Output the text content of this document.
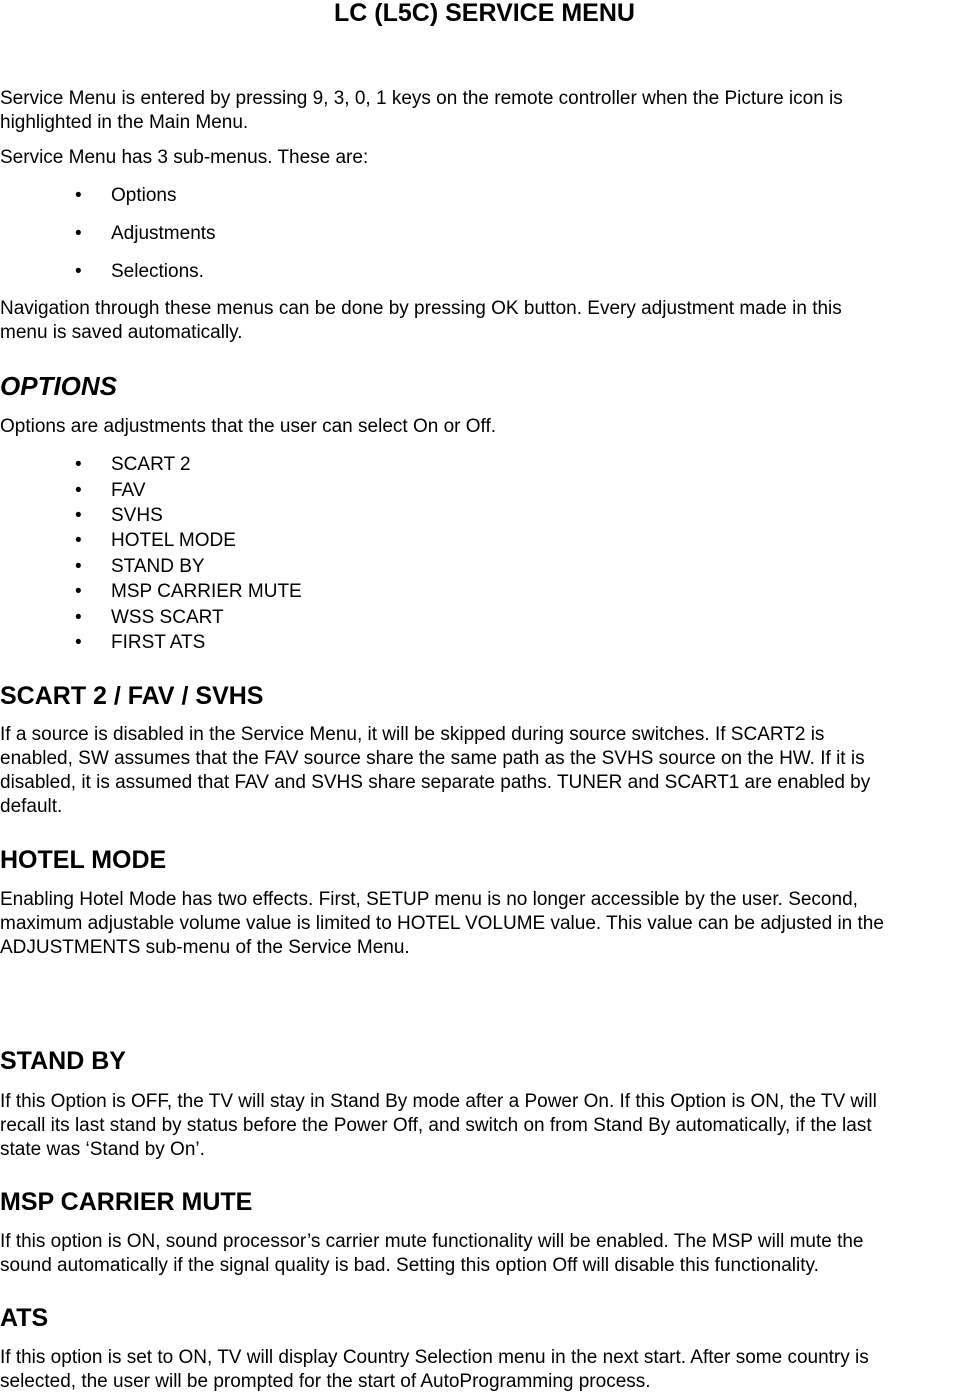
LC (L5C) SERVICE MENU

Service Menu is entered by pressing 9, 3, 0, 1 keys on the remote controller when the Picture icon is

highlighted in the Main Menu.

Service Menu has 3 sub-menus. These are:

• Options
• Adjustments
• Selections.

Navigation through these menus can be done by pressing OK button. Every adjustment made in this

menu is saved automatically.

OPTIONS

Options are adjustments that the user can select On or Off.

• SCART 2
• FAV
• SVHS
• HOTEL MODE
• STAND BY
• MSP CARRIER MUTE
• WSS SCART
• FIRST ATS
SCART 2 / FAV / SVHS

If a source is disabled in the Service Menu, it will be skipped during source switches. If SCART2 is

enabled, SW assumes that the FAV source share the same path as the SVHS source on the HW. If it is

disabled, it is assumed that FAV and SVHS share separate paths. TUNER and SCART1 are enabled by

default.

HOTEL MODE

Enabling Hotel Mode has two effects. First, SETUP menu is no longer accessible by the user. Second,

maximum adjustable volume value is limited to HOTEL VOLUME value. This value can be adjusted in the

ADJUSTMENTS sub-menu of the Service Menu.

STAND BY

If this Option is OFF, the TV will stay in Stand By mode after a Power On. If this Option is ON, the TV will

recall its last stand by status before the Power Off, and switch on from Stand By automatically, if the last

state was ‘Stand by On’.

MSP CARRIER MUTE

If this option is ON, sound processor’s carrier mute functionality will be enabled. The MSP will mute the

sound automatically if the signal quality is bad. Setting this option Off will disable this functionality.

ATS

If this option is set to ON, TV will display Country Selection menu in the next start. After some country is

selected, the user will be prompted for the start of AutoProgramming process.
